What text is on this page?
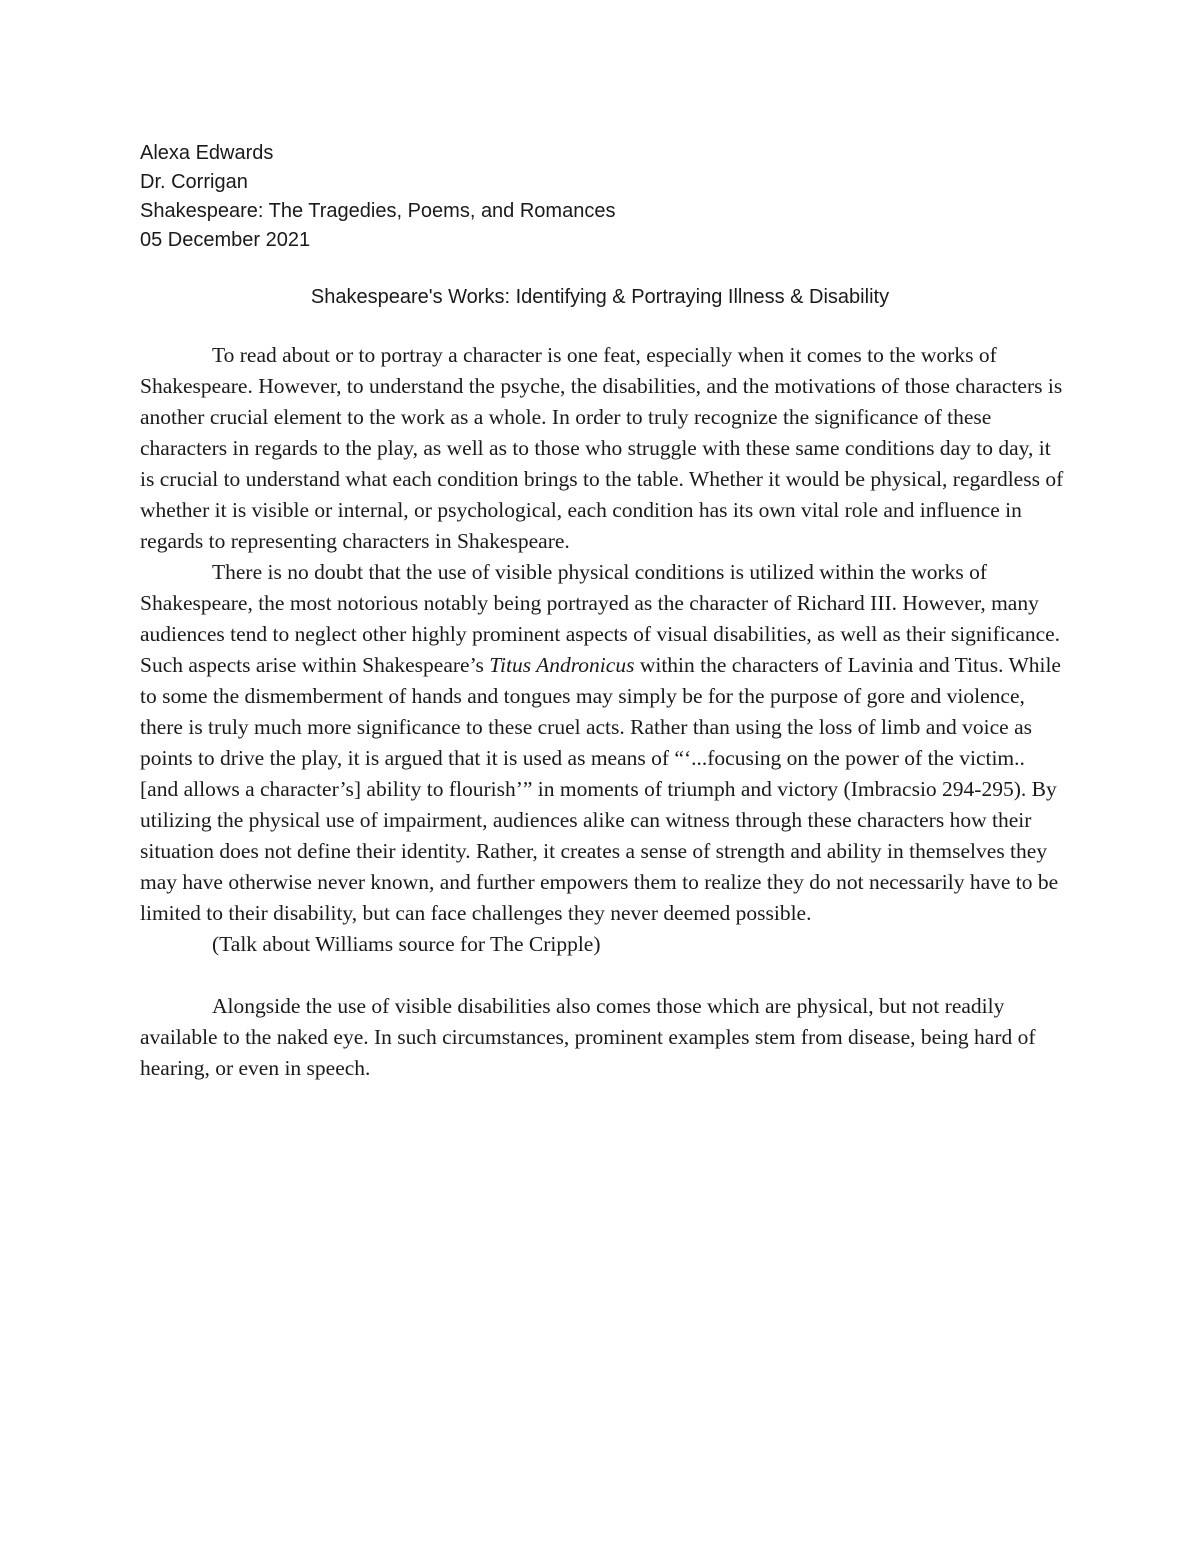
Alexa Edwards
Dr. Corrigan
Shakespeare: The Tragedies, Poems, and Romances
05 December 2021
Shakespeare's Works: Identifying & Portraying Illness & Disability

To read about or to portray a character is one feat, especially when it comes to the works of Shakespeare. However, to understand the psyche, the disabilities, and the motivations of those characters is another crucial element to the work as a whole. In order to truly recognize the significance of these characters in regards to the play, as well as to those who struggle with these same conditions day to day, it is crucial to understand what each condition brings to the table. Whether it would be physical, regardless of whether it is visible or internal, or psychological, each condition has its own vital role and influence in regards to representing characters in Shakespeare.

There is no doubt that the use of visible physical conditions is utilized within the works of Shakespeare, the most notorious notably being portrayed as the character of Richard III. However, many audiences tend to neglect other highly prominent aspects of visual disabilities, as well as their significance. Such aspects arise within Shakespeare’s Titus Andronicus within the characters of Lavinia and Titus. While to some the dismemberment of hands and tongues may simply be for the purpose of gore and violence, there is truly much more significance to these cruel acts. Rather than using the loss of limb and voice as points to drive the play, it is argued that it is used as means of “‘...focusing on the power of the victim.. [and allows a character’s] ability to flourish’” in moments of triumph and victory (Imbracsio 294-295). By utilizing the physical use of impairment, audiences alike can witness through these characters how their situation does not define their identity. Rather, it creates a sense of strength and ability in themselves they may have otherwise never known, and further empowers them to realize they do not necessarily have to be limited to their disability, but can face challenges they never deemed possible.

(Talk about Williams source for The Cripple)

Alongside the use of visible disabilities also comes those which are physical, but not readily available to the naked eye. In such circumstances, prominent examples stem from disease, being hard of hearing, or even in speech.
